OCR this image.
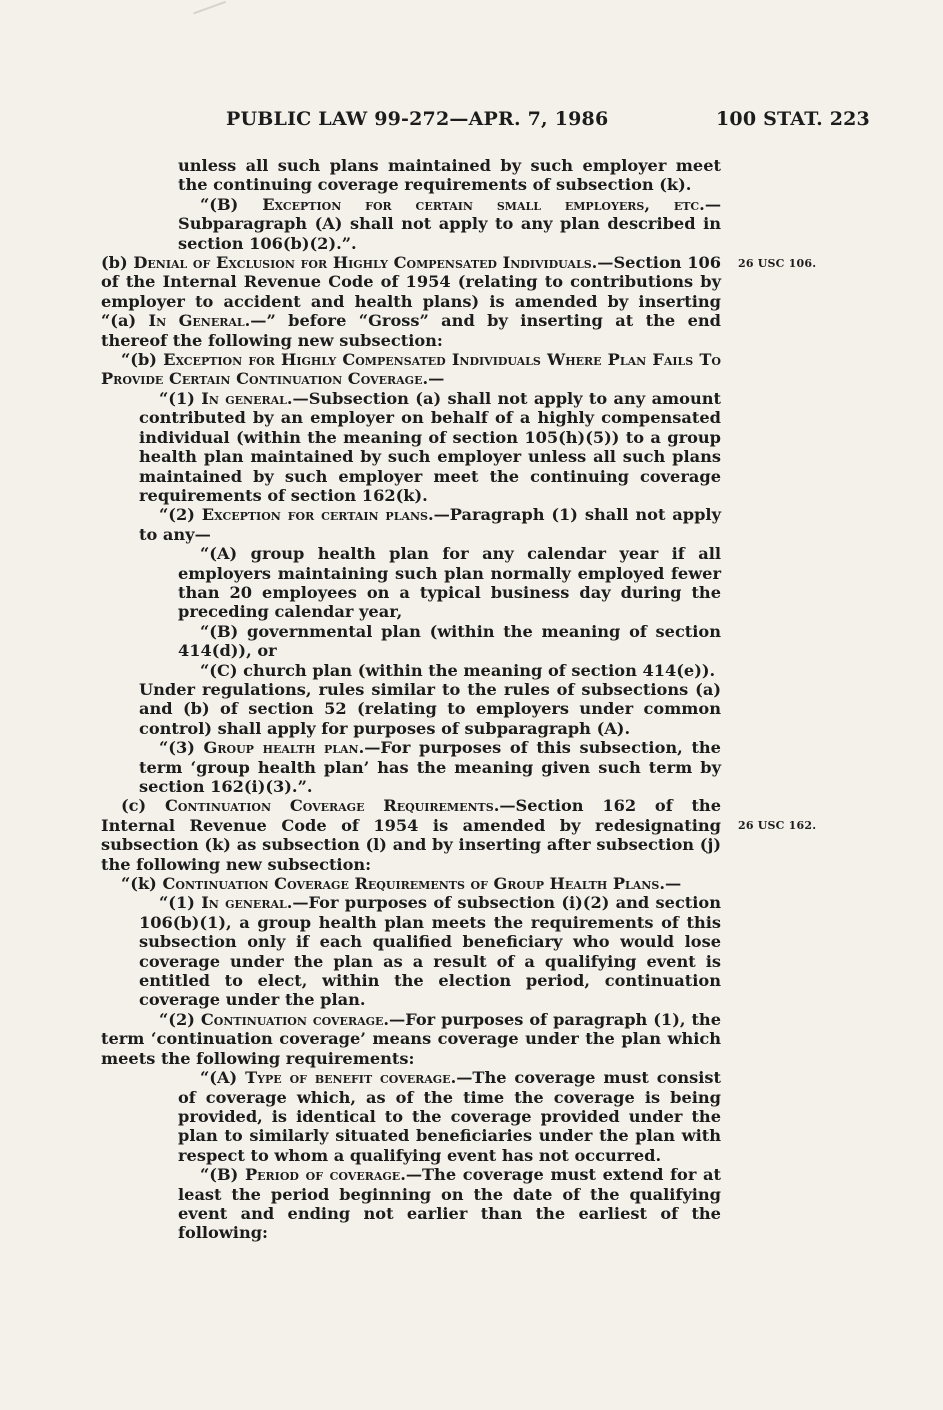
PUBLIC LAW 99-272—APR. 7, 1986	100 STAT. 223
26 USC 106.
26 USC 162.

unless all such plans maintained by such employer meet the continuing coverage requirements of subsection (k).

“(B) Exception for certain small employers, etc.—Subparagraph (A) shall not apply to any plan described in section 106(b)(2).”.

(b) Denial of Exclusion for Highly Compensated Individuals.—Section 106 of the Internal Revenue Code of 1954 (relating to contributions by employer to accident and health plans) is amended by inserting “(a) In General.—” before “Gross” and by inserting at the end thereof the following new subsection:

“(b) Exception for Highly Compensated Individuals Where Plan Fails To Provide Certain Continuation Coverage.—

“(1) In general.—Subsection (a) shall not apply to any amount contributed by an employer on behalf of a highly compensated individual (within the meaning of section 105(h)(5)) to a group health plan maintained by such employer unless all such plans maintained by such employer meet the continuing coverage requirements of section 162(k).

“(2) Exception for certain plans.—Paragraph (1) shall not apply to any—

“(A) group health plan for any calendar year if all employers maintaining such plan normally employed fewer than 20 employees on a typical business day during the preceding calendar year,

“(B) governmental plan (within the meaning of section 414(d)), or

“(C) church plan (within the meaning of section 414(e)).

Under regulations, rules similar to the rules of subsections (a) and (b) of section 52 (relating to employers under common control) shall apply for purposes of subparagraph (A).

“(3) Group health plan.—For purposes of this subsection, the term ‘group health plan’ has the meaning given such term by section 162(i)(3).”.

(c) Continuation Coverage Requirements.—Section 162 of the Internal Revenue Code of 1954 is amended by redesignating subsection (k) as subsection (l) and by inserting after subsection (j) the following new subsection:

“(k) Continuation Coverage Requirements of Group Health Plans.—

“(1) In general.—For purposes of subsection (i)(2) and section 106(b)(1), a group health plan meets the requirements of this subsection only if each qualified beneficiary who would lose coverage under the plan as a result of a qualifying event is entitled to elect, within the election period, continuation coverage under the plan.

“(2) Continuation coverage.—For purposes of paragraph (1), the term ‘continuation coverage’ means coverage under the plan which meets the following requirements:

“(A) Type of benefit coverage.—The coverage must consist of coverage which, as of the time the coverage is being provided, is identical to the coverage provided under the plan to similarly situated beneficiaries under the plan with respect to whom a qualifying event has not occurred.

“(B) Period of coverage.—The coverage must extend for at least the period beginning on the date of the qualifying event and ending not earlier than the earliest of the following:
